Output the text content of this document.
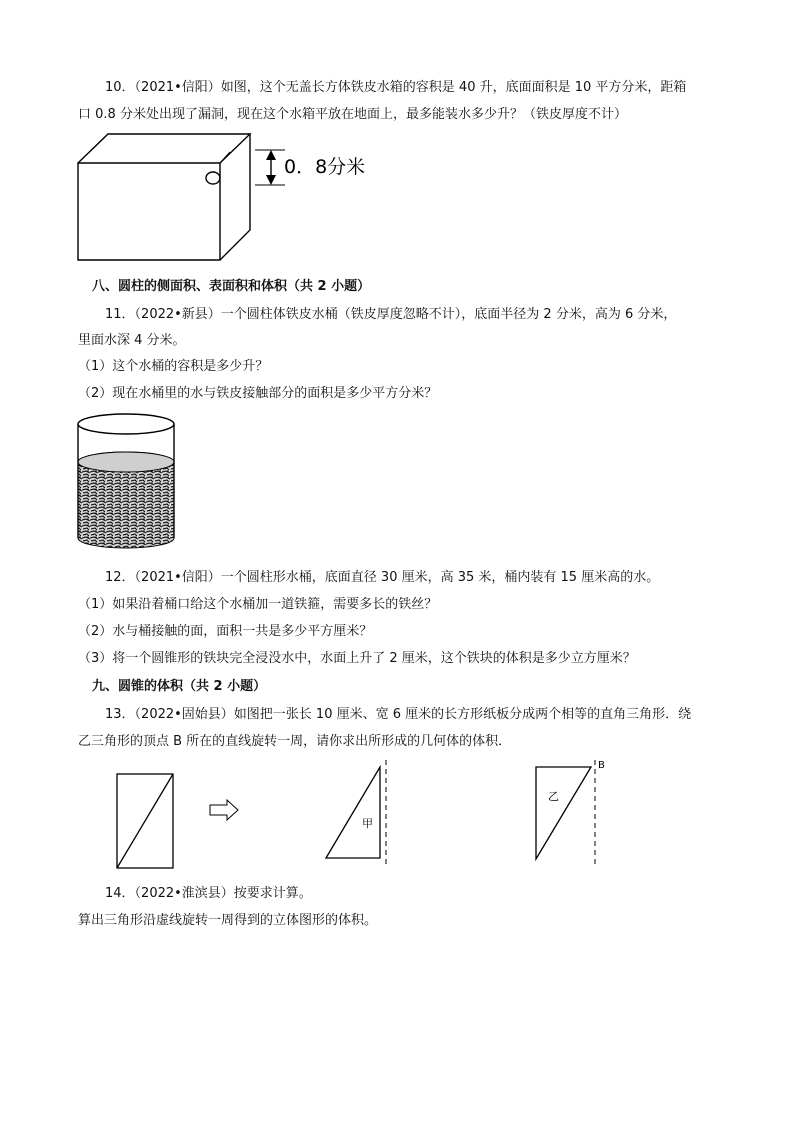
10．（2021•信阳）如图，这个无盖长方体铁皮水箱的容积是 40 升，底面面积是 10 平方分米，距箱
口 0.8 分米处出现了漏洞，现在这个水箱平放在地面上，最多能装水多少升？（铁皮厚度不计）
0．8分米
八、圆柱的侧面积、表面积和体积（共 2 小题）
11．（2022•新县）一个圆柱体铁皮水桶（铁皮厚度忽略不计），底面半径为 2 分米，高为 6 分米，
里面水深 4 分米。
（1）这个水桶的容积是多少升？
（2）现在水桶里的水与铁皮接触部分的面积是多少平方分米？
12．（2021•信阳）一个圆柱形水桶，底面直径 30 厘米，高 35 米，桶内装有 15 厘米高的水。
（1）如果沿着桶口给这个水桶加一道铁箍，需要多长的铁丝？
（2）水与桶接触的面，面积一共是多少平方厘米？
（3）将一个圆锥形的铁块完全浸没水中，水面上升了 2 厘米，这个铁块的体积是多少立方厘米？
九、圆锥的体积（共 2 小题）
13．（2022•固始县）如图把一张长 10 厘米、宽 6 厘米的长方形纸板分成两个相等的直角三角形．绕
乙三角形的顶点 B 所在的直线旋转一周，请你求出所形成的几何体的体积．
甲
乙
B
14．（2022•淮滨县）按要求计算。
算出三角形沿虚线旋转一周得到的立体图形的体积。
